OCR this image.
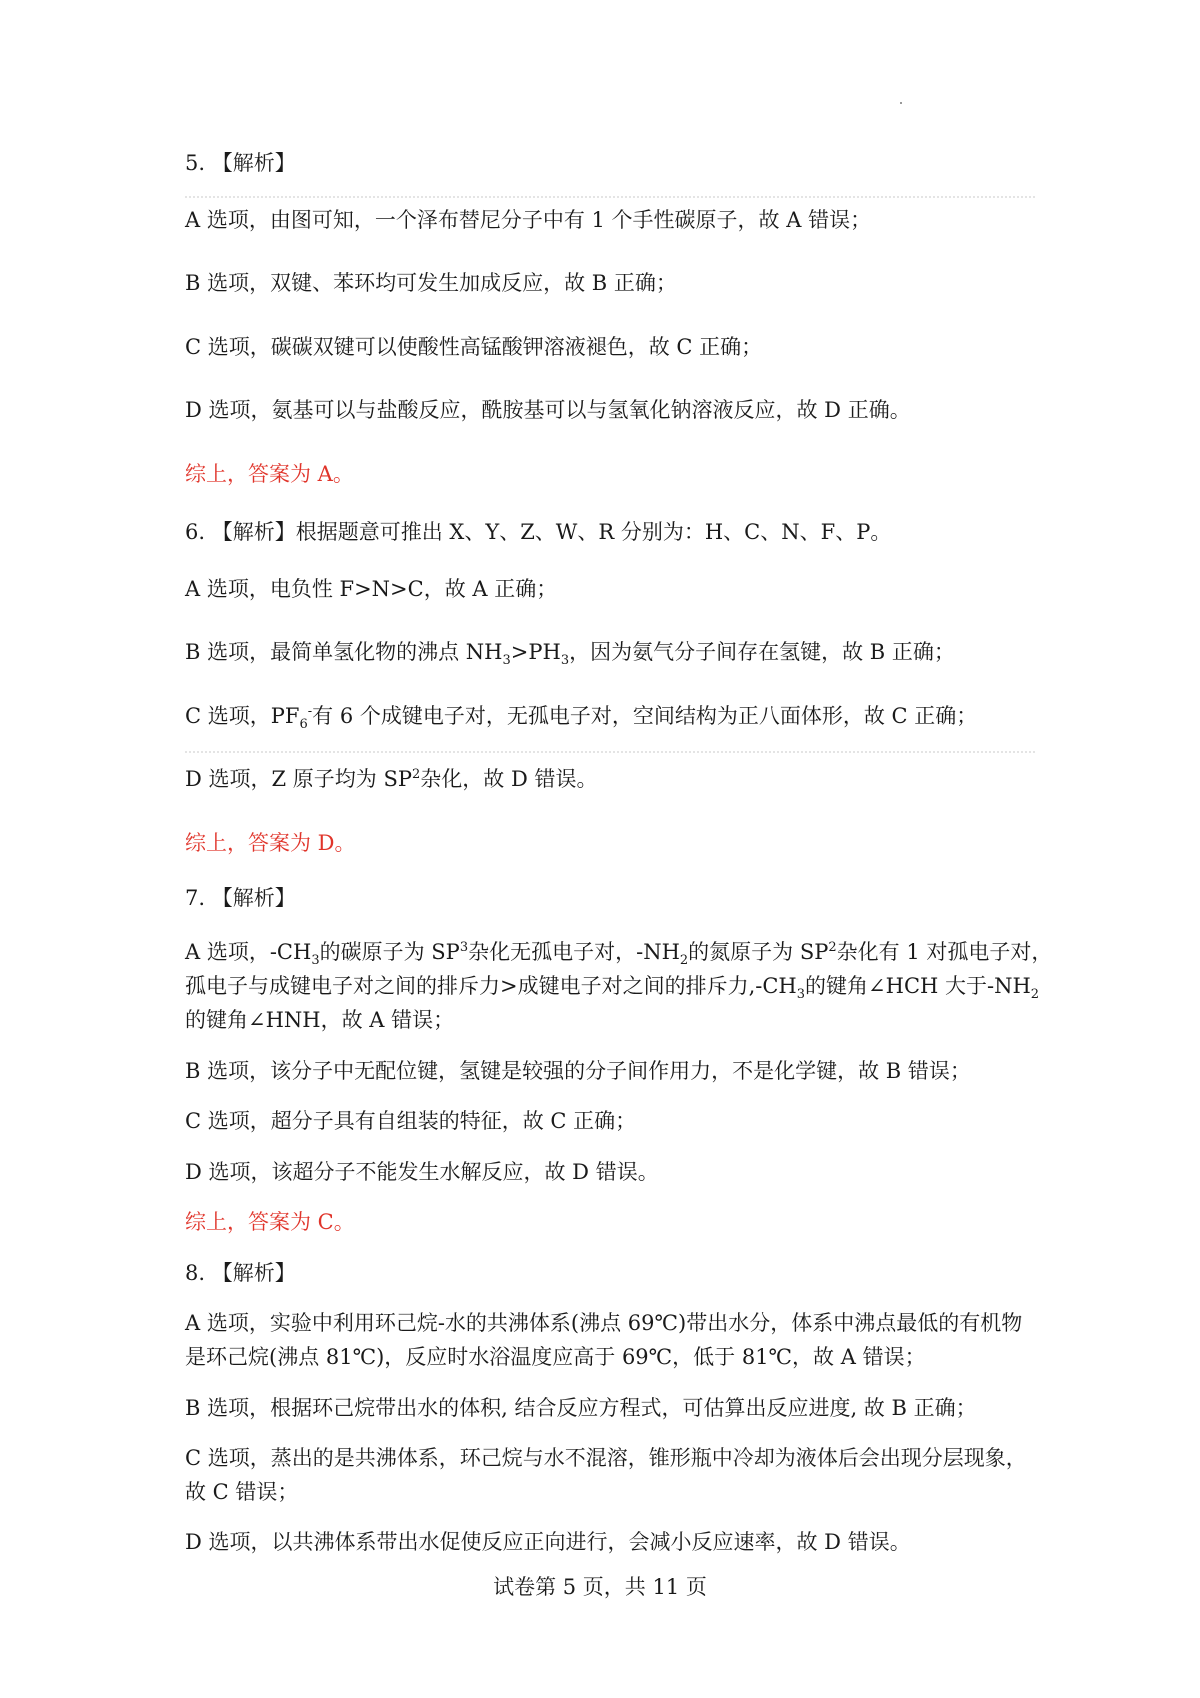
5. 【解析】
A 选项，由图可知，一个泽布替尼分子中有 1 个手性碳原子，故 A 错误；
B 选项，双键、苯环均可发生加成反应，故 B 正确；
C 选项，碳碳双键可以使酸性高锰酸钾溶液褪色，故 C 正确；
D 选项，氨基可以与盐酸反应，酰胺基可以与氢氧化钠溶液反应，故 D 正确。
综上，答案为 A。
6. 【解析】根据题意可推出 X、Y、Z、W、R 分别为：H、C、N、F、P。
A 选项，电负性 F>N>C，故 A 正确；
B 选项，最简单氢化物的沸点 $NH_3>PH_3$，因为氨气分子间存在氢键，故 B 正确；
C 选项，$PF_6^-$有 6 个成键电子对，无孤电子对，空间结构为正八面体形，故 C 正确；
D 选项，Z 原子均为 $SP^2$杂化，故 D 错误。
综上，答案为 D。
7. 【解析】
A 选项，$-CH_3$的碳原子为 $SP^3$杂化无孤电子对，$-NH_2$的氮原子为 $SP^2$杂化有 1 对孤电子对，
孤电子与成键电子对之间的排斥力>成键电子对之间的排斥力$,-CH_3$的键角∠HCH 大于$-NH_2$
的键角∠HNH，故 A 错误；
B 选项，该分子中无配位键，氢键是较强的分子间作用力，不是化学键，故 B 错误；
C 选项，超分子具有自组装的特征，故 C 正确；
D 选项，该超分子不能发生水解反应，故 D 错误。
综上，答案为 C。
8. 【解析】
A 选项，实验中利用环己烷-水的共沸体系(沸点 69℃)带出水分，体系中沸点最低的有机物
是环己烷(沸点 81℃)，反应时水浴温度应高于 69℃，低于 81℃，故 A 错误；
B 选项，根据环己烷带出水的体积, 结合反应方程式，可估算出反应进度, 故 B 正确；
C 选项，蒸出的是共沸体系，环己烷与水不混溶，锥形瓶中冷却为液体后会出现分层现象，
故 C 错误；
D 选项，以共沸体系带出水促使反应正向进行，会减小反应速率，故 D 错误。
试卷第 5 页，共 11 页
